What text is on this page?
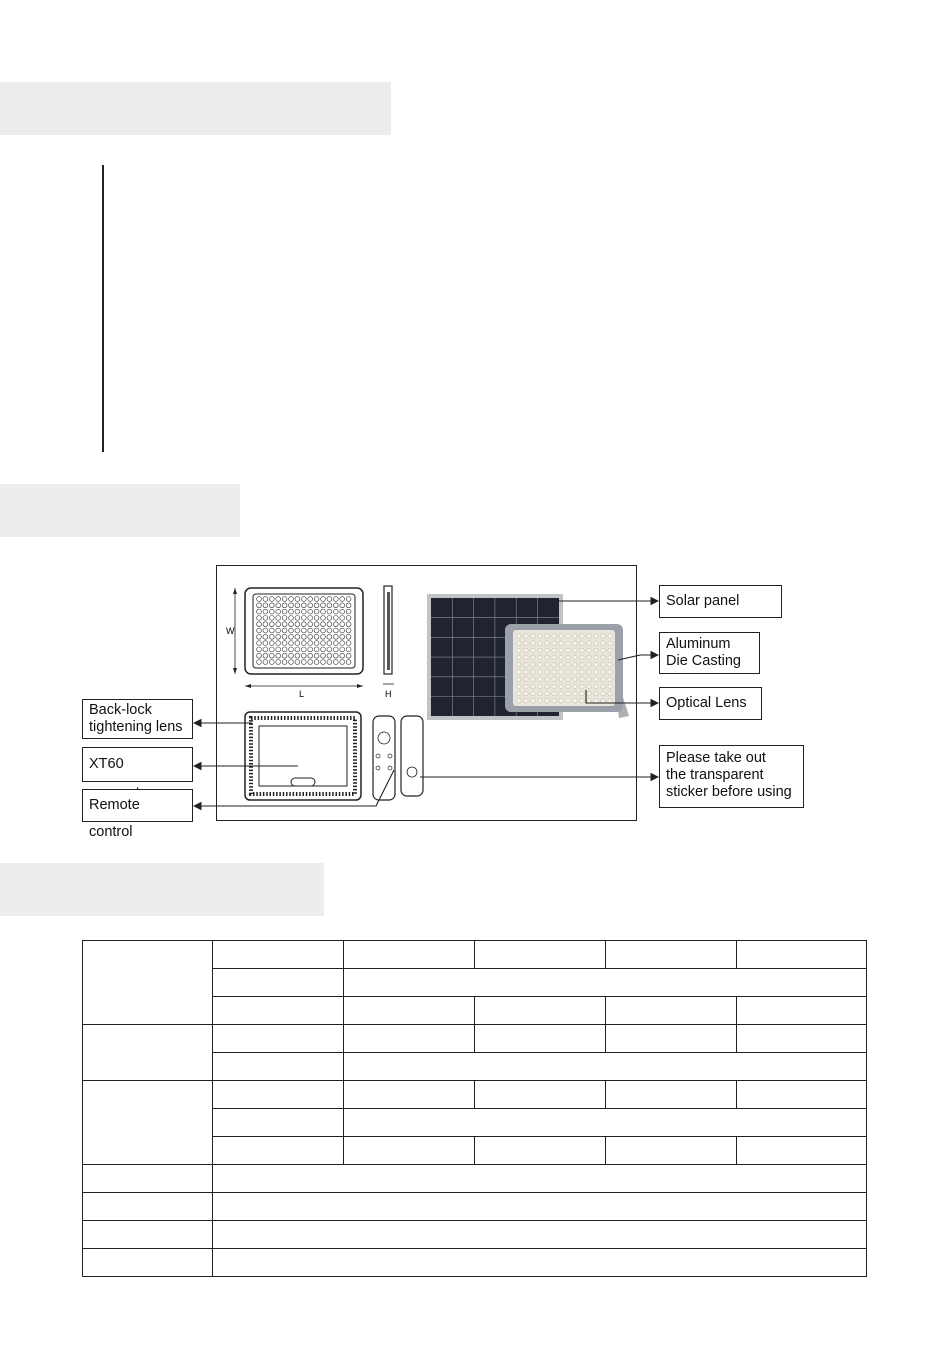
W
L	H
Solar panel
Aluminum
Die Casting
Optical Lens
Please take out
the transparent
sticker before using
Back-lock
tightening lens
XT60
Remote control
